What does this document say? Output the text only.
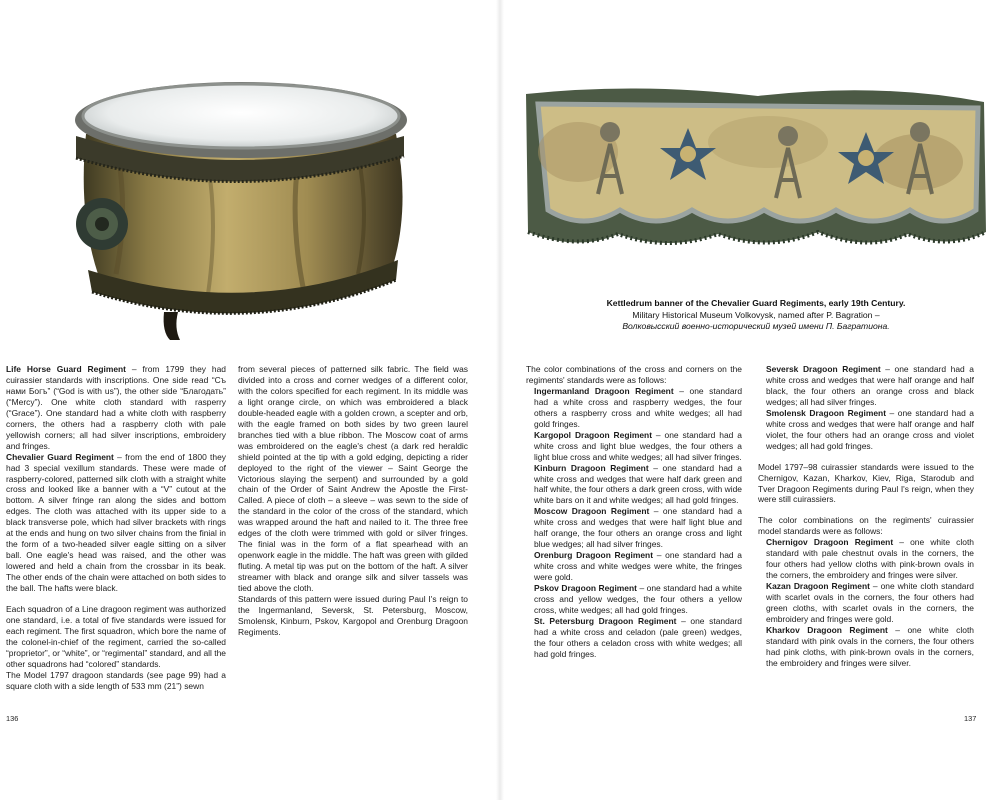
Life Horse Guard Regiment – from 1799 they had cuirassier standards with inscriptions. One side read “Съ нами Богъ” (“God is with us”), the other side “Благодать” (“Mercy”). One white cloth standard with rasperry (“Grace”). One standard had a white cloth with raspberry corners, the others had a raspberry cloth with pale yellowish corners; all had silver inscriptions, embroidery and fringes.

Chevalier Guard Regiment – from the end of 1800 they had 3 special vexillum standards. These were made of raspberry-colored, patterned silk cloth with a straight white cross and looked like a banner with a “V” cutout at the bottom. A silver fringe ran along the sides and bottom edges. The cloth was attached with its upper side to a black transverse pole, which had silver brackets with rings at the ends and hung on two silver chains from the finial in the form of a two-headed silver eagle sitting on a silver ball. One eagle's head was raised, and the other was lowered and held a chain from the crossbar in its beak. The other ends of the chain were attached on both sides to the ball. The hafts were black.

Each squadron of a Line dragoon regiment was authorized one standard, i.e. a total of five standards were issued for each regiment. The first squadron, which bore the name of the colonel-in-chief of the regiment, carried the so-called “proprietor”, or “white”, or “regimental” standard, and all the other squadrons had “colored” standards.

The Model 1797 dragoon standards (see page 99) had a square cloth with a side length of 533 mm (21”) sewn

from several pieces of patterned silk fabric. The field was divided into a cross and corner wedges of a different color, with the colors specified for each regiment. In its middle was a light orange circle, on which was embroidered a black double-headed eagle with a golden crown, a scepter and orb, with the eagle framed on both sides by two green laurel branches tied with a blue ribbon. The Moscow coat of arms was embroidered on the eagle's chest (a dark red heraldic shield pointed at the tip with a gold edging, depicting a rider deployed to the right of the viewer – Saint George the Victorious slaying the serpent) and surrounded by a gold chain of the Order of Saint Andrew the Apostle the First-Called. A piece of cloth – a sleeve – was sewn to the side of the standard in the color of the cross of the standard, which was wrapped around the haft and nailed to it. The three free edges of the cloth were trimmed with gold or silver fringes. The finial was in the form of a flat spearhead with an openwork eagle in the middle. The haft was green with gilded fluting. A metal tip was put on the bottom of the haft. A silver streamer with black and orange silk and silver tassels was tied above the cloth.

Standards of this pattern were issued during Paul I's reign to the Ingermanland, Seversk, St. Petersburg, Moscow, Smolensk, Kinburn, Pskov, Kargopol and Orenburg Dragoon Regiments.

136
Kettledrum banner of the Chevalier Guard Regiments, early 19th Century.
Military Historical Museum Volkovysk, named after P. Bagration –
Волковысский военно-исторический музей имени П. Багратиона.

The color combinations of the cross and corners on the regiments' standards were as follows:

Ingermanland Dragoon Regiment – one standard had a white cross and raspberry wedges, the four others a raspberry cross and white wedges; all had gold fringes.

Kargopol Dragoon Regiment – one standard had a white cross and light blue wedges, the four others a light blue cross and white wedges; all had silver fringes.

Kinburn Dragoon Regiment – one standard had a white cross and wedges that were half dark green and half white, the four others a dark green cross, with wide white bars on it and white wedges; all had gold fringes.

Moscow Dragoon Regiment – one standard had a white cross and wedges that were half light blue and half orange, the four others an orange cross and light blue wedges; all had silver fringes.

Orenburg Dragoon Regiment – one standard had a white cross and white wedges were white, the fringes were gold.

Pskov Dragoon Regiment – one standard had a white cross and yellow wedges, the four others a yellow cross, white wedges; all had gold fringes.

St. Petersburg Dragoon Regiment – one standard had a white cross and celadon (pale green) wedges, the four others a celadon cross with white wedges; all had gold fringes.

Seversk Dragoon Regiment – one standard had a white cross and wedges that were half orange and half black, the four others an orange cross and black wedges; all had silver fringes.

Smolensk Dragoon Regiment – one standard had a white cross and wedges that were half orange and half violet, the four others had an orange cross and violet wedges; all had gold fringes.

Model 1797–98 cuirassier standards were issued to the Chernigov, Kazan, Kharkov, Kiev, Riga, Starodub and Tver Dragoon Regiments during Paul I's reign, when they were still cuirassiers.

The color combinations on the regiments' cuirassier model standards were as follows:

Chernigov Dragoon Regiment – one white cloth standard with pale chestnut ovals in the corners, the four others had yellow cloths with pink-brown ovals in the corners, the embroidery and fringes were silver.

Kazan Dragoon Regiment – one white cloth standard with scarlet ovals in the corners, the four others had green cloths, with scarlet ovals in the corners, the embroidery and fringes were gold.

Kharkov Dragoon Regiment – one white cloth standard with pink ovals in the corners, the four others had pink cloths, with pink-brown ovals in the corners, the embroidery and fringes were silver.

137
